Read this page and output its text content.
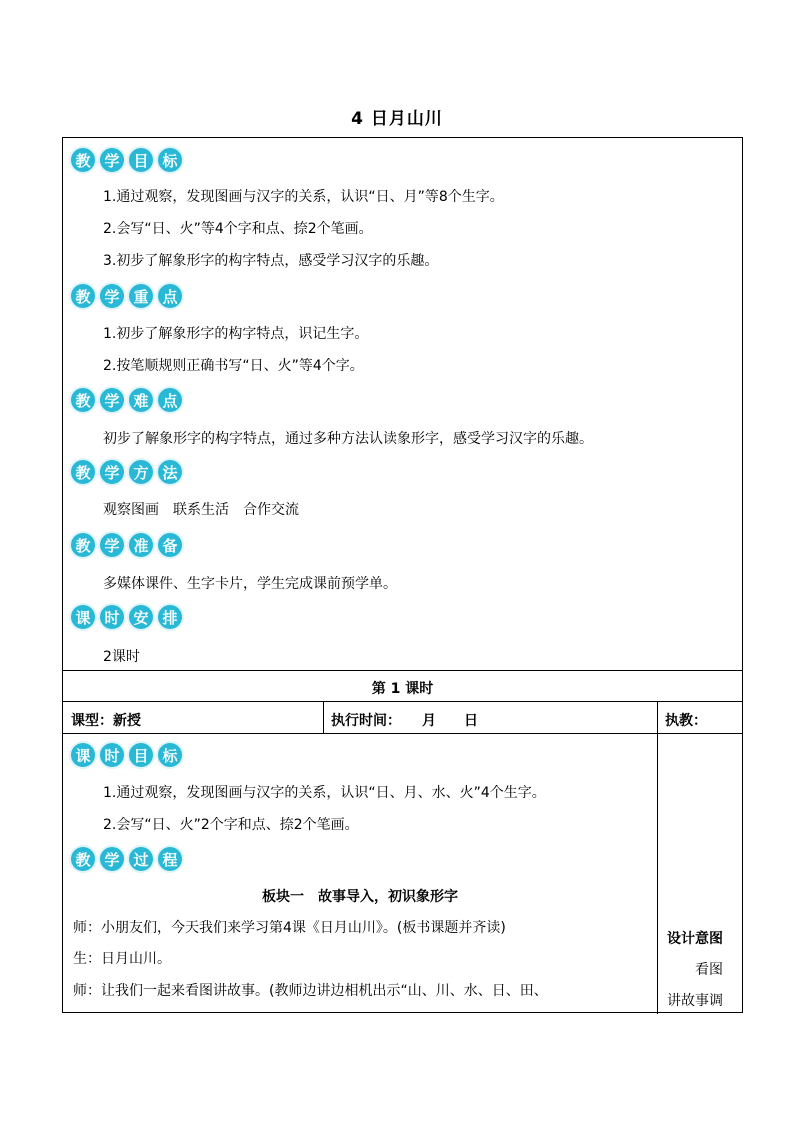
4 日月山川
教 学 目 标
1.通过观察，发现图画与汉字的关系，认识“日、月”等8个生字。
2.会写“日、火”等4个字和点、捺2个笔画。
3.初步了解象形字的构字特点，感受学习汉字的乐趣。
教 学 重 点
1.初步了解象形字的构字特点，识记生字。
2.按笔顺规则正确书写“日、火”等4个字。
教 学 难 点
初步了解象形字的构字特点，通过多种方法认读象形字，感受学习汉字的乐趣。
教 学 方 法
观察图画　联系生活　合作交流
教 学 准 备
多媒体课件、生字卡片，学生完成课前预学单。
课 时 安 排
2课时
第 1 课时
课型：新授	执行时间：　　月　　日	执教：
课 时 目 标
1.通过观察，发现图画与汉字的关系，认识“日、月、水、火”4个生字。
2.会写“日、火”2个字和点、捺2个笔画。
教 学 过 程
板块一　故事导入，初识象形字
师：小朋友们，今天我们来学习第4课《日月山川》。(板书课题并齐读)
生：日月山川。
师：让我们一起来看图讲故事。(教师边讲边相机出示“山、川、水、日、田、
设计意图
看图
讲故事调
